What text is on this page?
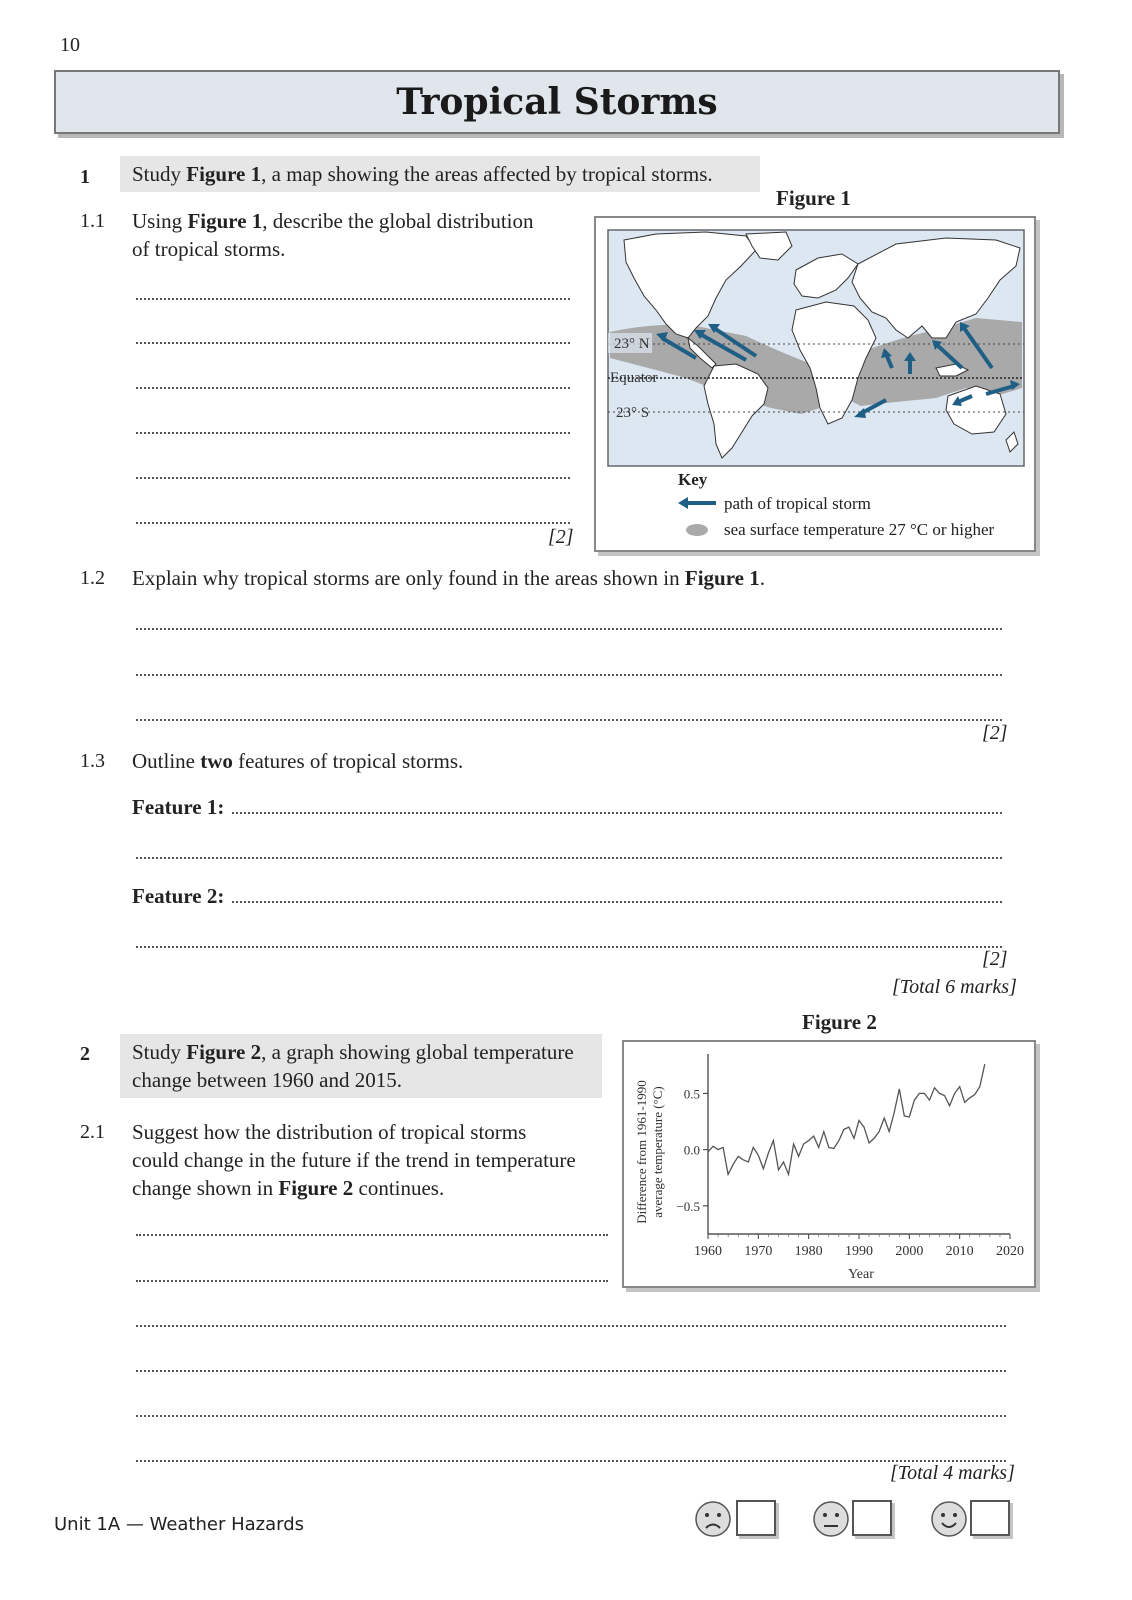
10
Tropical Storms
1	Study Figure 1, a map showing the areas affected by tropical storms.
1.1 Using Figure 1, describe the global distribution
of tropical storms.
[2]
Figure 1
23° N
Equator
23° S
Key
path of tropical storm
sea surface temperature 27 °C or higher
1.2 Explain why tropical storms are only found in the areas shown in Figure 1.
[2]
1.3 Outline two features of tropical storms.
Feature 1:
Feature 2:
[2]
[Total 6 marks]
Figure 2
2	Study Figure 2, a graph showing global temperature
change between 1960 and 2015.
2.1 Suggest how the distribution of tropical storms
could change in the future if the trend in temperature
change shown in Figure 2 continues.
[Total 4 marks]
Difference from 1961-1990average temperature (°C)
1960 1970 1980 1990 2000 2010 2020
−0.5
0.0
0.5
Year
Unit 1A — Weather Hazards
